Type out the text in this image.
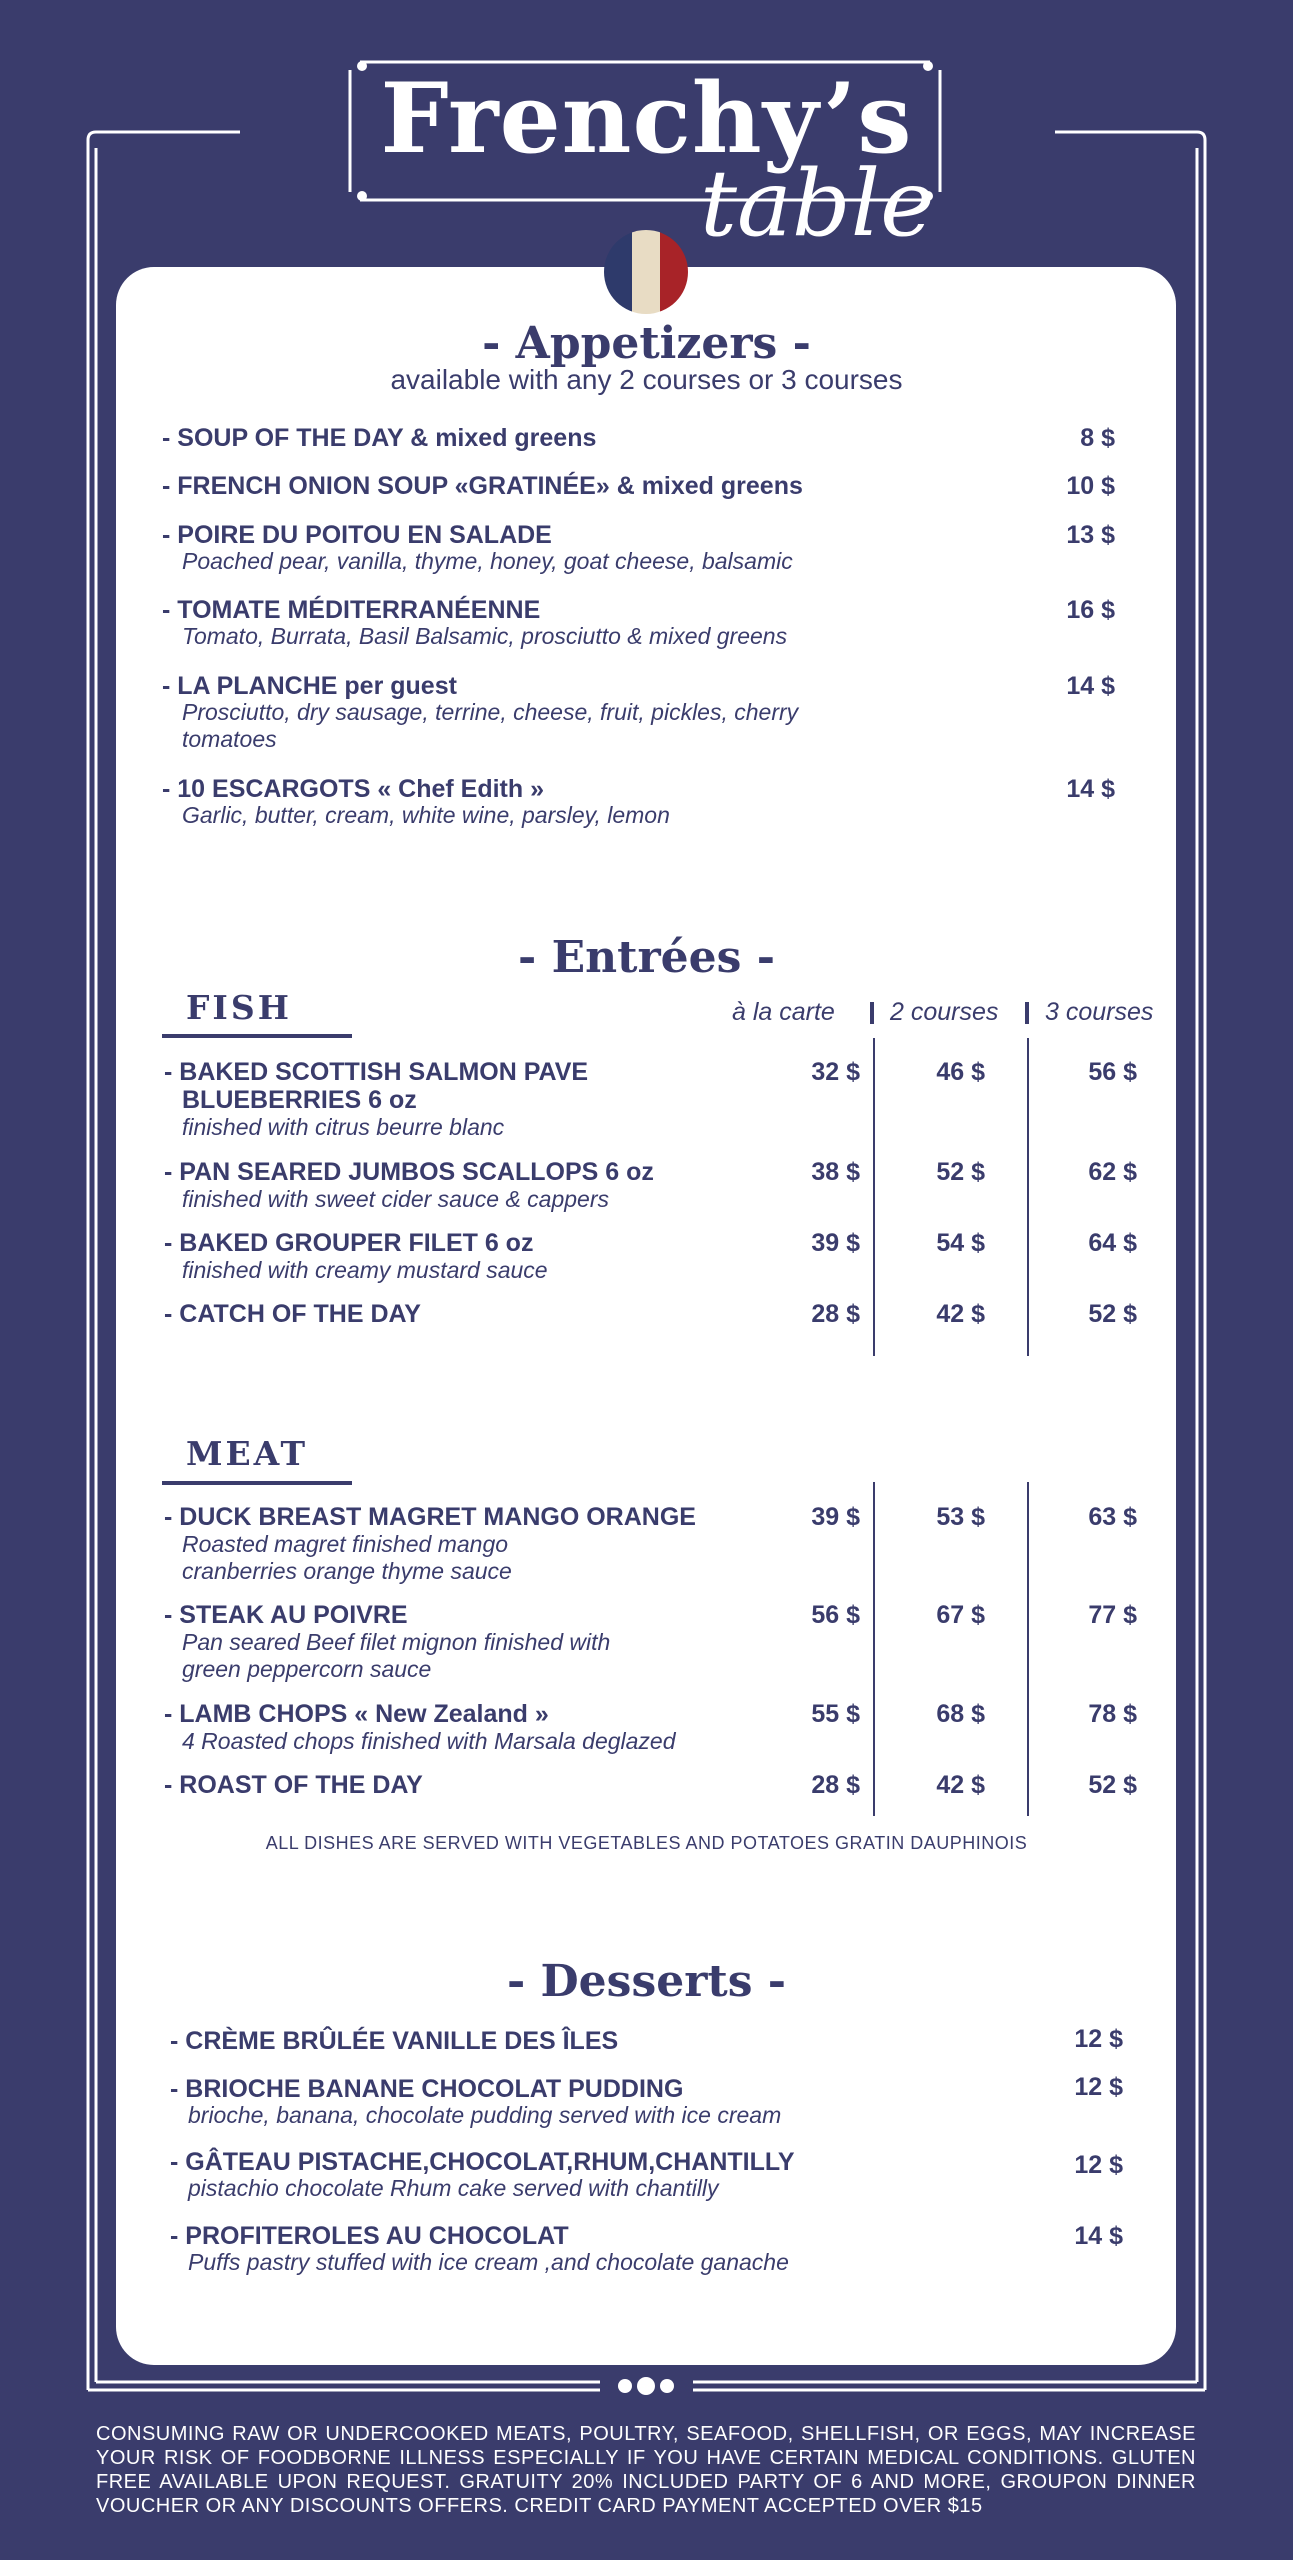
Frenchy’s
table
- Appetizers -
available with any 2 courses or 3 courses
- SOUP OF THE DAY & mixed greens	8 $
- FRENCH ONION SOUP «GRATINÉE» & mixed greens	10 $
- POIRE DU POITOU EN SALADE
Poached pear, vanilla, thyme, honey, goat cheese, balsamic
13 $
- TOMATE MÉDITERRANÉENNE
Tomato, Burrata, Basil Balsamic, prosciutto & mixed greens
16 $
- LA PLANCHE per guest
Prosciutto, dry sausage, terrine, cheese, fruit, pickles, cherry tomatoes
14 $
- 10 ESCARGOTS « Chef Edith »
Garlic, butter, cream, white wine, parsley, lemon
14 $
- Entrées -
à la carte 2 courses 3 courses
FISH
- BAKED SCOTTISH SALMON PAVE
BLUEBERRIES 6 oz
finished with citrus beurre blanc
32 $	46 $	56 $
- PAN SEARED JUMBOS SCALLOPS 6 oz
finished with sweet cider sauce & cappers
38 $	52 $	62 $
- BAKED GROUPER FILET 6 oz
finished with creamy mustard sauce
39 $	54 $	64 $
- CATCH OF THE DAY	28 $	42 $	52 $
MEAT
- DUCK BREAST MAGRET MANGO ORANGE
Roasted magret finished mango cranberries orange thyme sauce
39 $	53 $	63 $
- STEAK AU POIVRE
Pan seared Beef filet mignon finished with green peppercorn sauce
56 $	67 $	77 $
- LAMB CHOPS « New Zealand »
4 Roasted chops finished with Marsala deglazed
55 $	68 $	78 $
- ROAST OF THE DAY	28 $	42 $	52 $
ALL DISHES ARE SERVED WITH VEGETABLES AND POTATOES GRATIN DAUPHINOIS
- Desserts -
- CRÈME BRÛLÉE VANILLE DES ÎLES	12 $
- BRIOCHE BANANE CHOCOLAT PUDDING
brioche, banana, chocolate pudding served with ice cream
12 $
- GÂTEAU PISTACHE,CHOCOLAT,RHUM,CHANTILLY
pistachio chocolate Rhum cake served with chantilly
12 $
- PROFITEROLES AU CHOCOLAT
Puffs pastry stuffed with ice cream ,and chocolate ganache
14 $
CONSUMING RAW OR UNDERCOOKED MEATS, POULTRY, SEAFOOD, SHELLFISH, OR EGGS, MAY INCREASE YOUR RISK OF FOODBORNE ILLNESS ESPECIALLY IF YOU HAVE CERTAIN MEDICAL CONDITIONS. GLUTEN FREE AVAILABLE UPON REQUEST. GRATUITY 20% INCLUDED PARTY OF 6 AND MORE, GROUPON DINNER VOUCHER OR ANY DISCOUNTS OFFERS. CREDIT CARD PAYMENT ACCEPTED OVER $15
